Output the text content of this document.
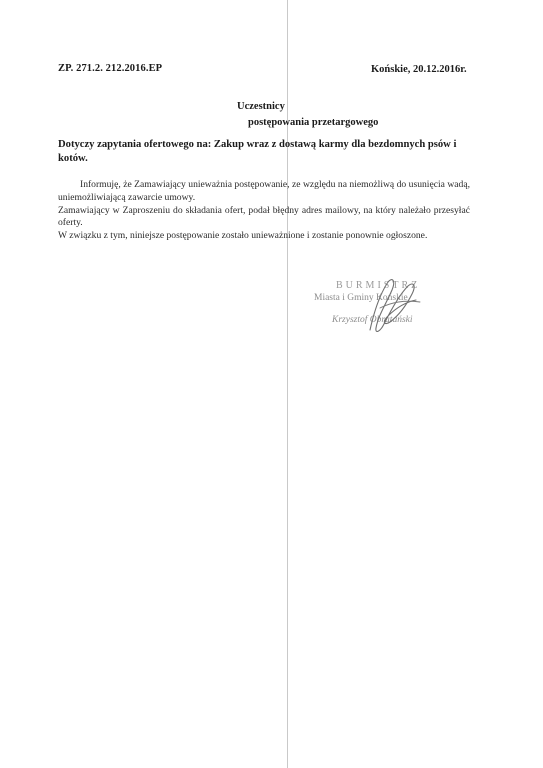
ZP. 271.2. 212.2016.EP	Końskie, 20.12.2016r.
Uczestnicy
postępowania przetargowego
Dotyczy zapytania ofertowego na: Zakup wraz z dostawą karmy dla bezdomnych psów i kotów.

Informuję, że Zamawiający unieważnia postępowanie, ze względu na niemożliwą do usunięcia wadą, uniemożliwiającą zawarcie umowy.

Zamawiający w Zaproszeniu do składania ofert, podał błędny adres mailowy, na który należało przesyłać oferty.

W związku z tym, niniejsze postępowanie zostało unieważnione i zostanie ponownie ogłoszone.

BURMISTRZ
Miasta i Gminy Końskie
Krzysztof Obratański
